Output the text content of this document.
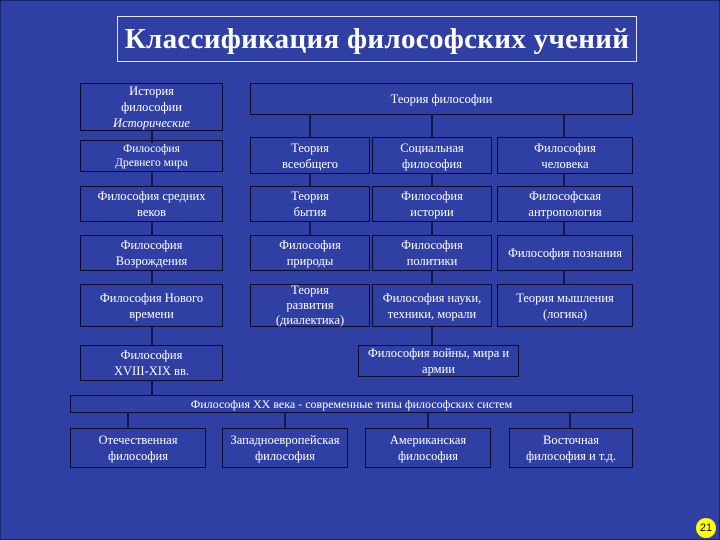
Классификация философских учений
История
философии
Исторические
Философия
Древнего мира
Философия средних
веков
Философия
Возрождения
Философия Нового
времени
Философия
XVIII-XIX вв.
Теория философии
Теория
всеобщего
Теория
бытия
Философия
природы
Теория
развития
(диалектика)
Социальная
философия
Философия
истории
Философия
политики
Философия науки,
техники, морали
Философия войны, мира и
армии
Философия
человека
Философская
антропология
Философия познания
Теория мышления
(логика)
Философия XX века - современные типы философских систем
Отечественная
философия
Западноевропейская
философия
Американская
философия
Восточная
философия и т.д.
21
